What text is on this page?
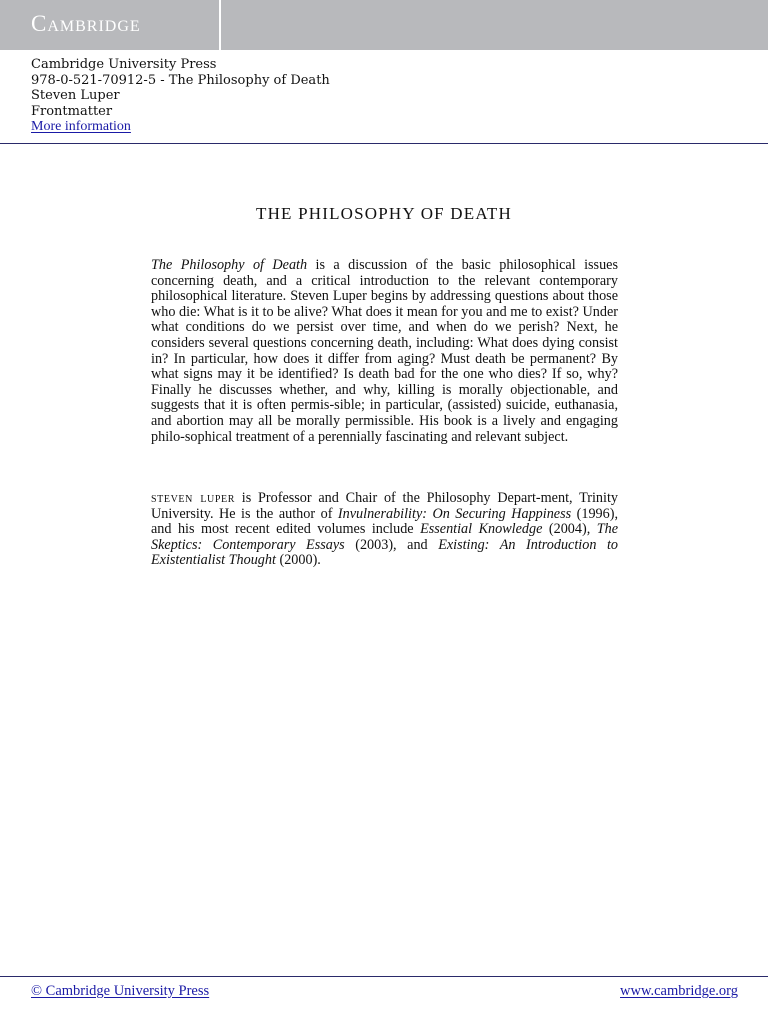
Cambridge
Cambridge University Press
978-0-521-70912-5 - The Philosophy of Death
Steven Luper
Frontmatter
More information
THE PHILOSOPHY OF DEATH

The Philosophy of Death is a discussion of the basic philosophical issues concerning death, and a critical introduction to the relevant contemporary philosophical literature. Steven Luper begins by addressing questions about those who die: What is it to be alive? What does it mean for you and me to exist? Under what conditions do we persist over time, and when do we perish? Next, he considers several questions concerning death, including: What does dying consist in? In particular, how does it differ from aging? Must death be permanent? By what signs may it be identified? Is death bad for the one who dies? If so, why? Finally he discusses whether, and why, killing is morally objectionable, and suggests that it is often permis-sible; in particular, (assisted) suicide, euthanasia, and abortion may all be morally permissible. His book is a lively and engaging philo-sophical treatment of a perennially fascinating and relevant subject.

steven luper is Professor and Chair of the Philosophy Depart-ment, Trinity University. He is the author of Invulnerability: On Securing Happiness (1996), and his most recent edited volumes include Essential Knowledge (2004), The Skeptics: Contemporary Essays (2003), and Existing: An Introduction to Existentialist Thought (2000).

© Cambridge University Press	www.cambridge.org
